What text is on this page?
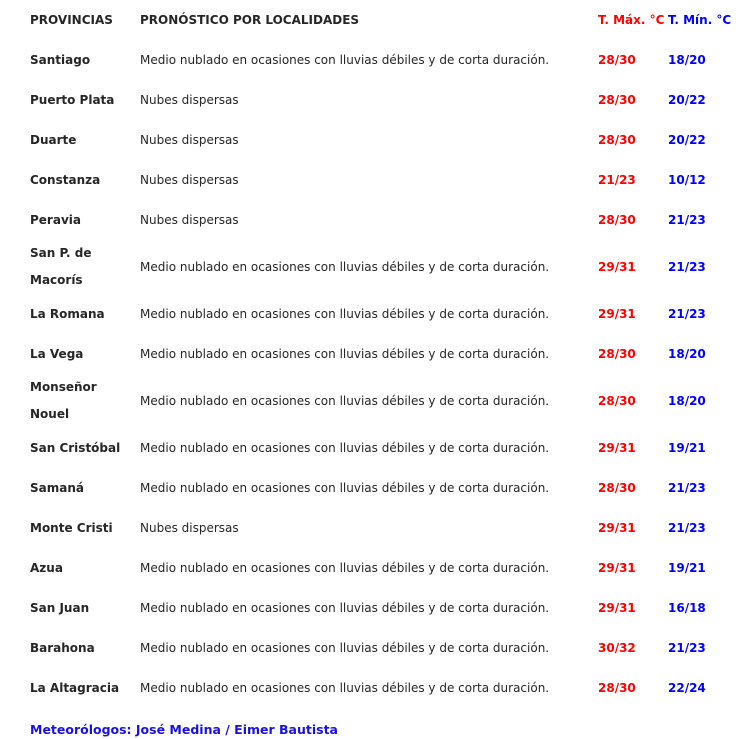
PROVINCIAS	PRONÓSTICO POR LOCALIDADES	T. Máx. °C	T. Mín. °C
Santiago	Medio nublado en ocasiones con lluvias débiles y de corta duración.	28/30	18/20
Puerto Plata	Nubes dispersas	28/30	20/22
Duarte	Nubes dispersas	28/30	20/22
Constanza	Nubes dispersas	21/23	10/12
Peravia	Nubes dispersas	28/30	21/23
San P. de Macorís	Medio nublado en ocasiones con lluvias débiles y de corta duración.	29/31	21/23
La Romana	Medio nublado en ocasiones con lluvias débiles y de corta duración.	29/31	21/23
La Vega	Medio nublado en ocasiones con lluvias débiles y de corta duración.	28/30	18/20
Monseñor Nouel	Medio nublado en ocasiones con lluvias débiles y de corta duración.	28/30	18/20
San Cristóbal	Medio nublado en ocasiones con lluvias débiles y de corta duración.	29/31	19/21
Samaná	Medio nublado en ocasiones con lluvias débiles y de corta duración.	28/30	21/23
Monte Cristi	Nubes dispersas	29/31	21/23
Azua	Medio nublado en ocasiones con lluvias débiles y de corta duración.	29/31	19/21
San Juan	Medio nublado en ocasiones con lluvias débiles y de corta duración.	29/31	16/18
Barahona	Medio nublado en ocasiones con lluvias débiles y de corta duración.	30/32	21/23
La Altagracia	Medio nublado en ocasiones con lluvias débiles y de corta duración.	28/30	22/24
Meteorólogos: José Medina / Eimer Bautista
